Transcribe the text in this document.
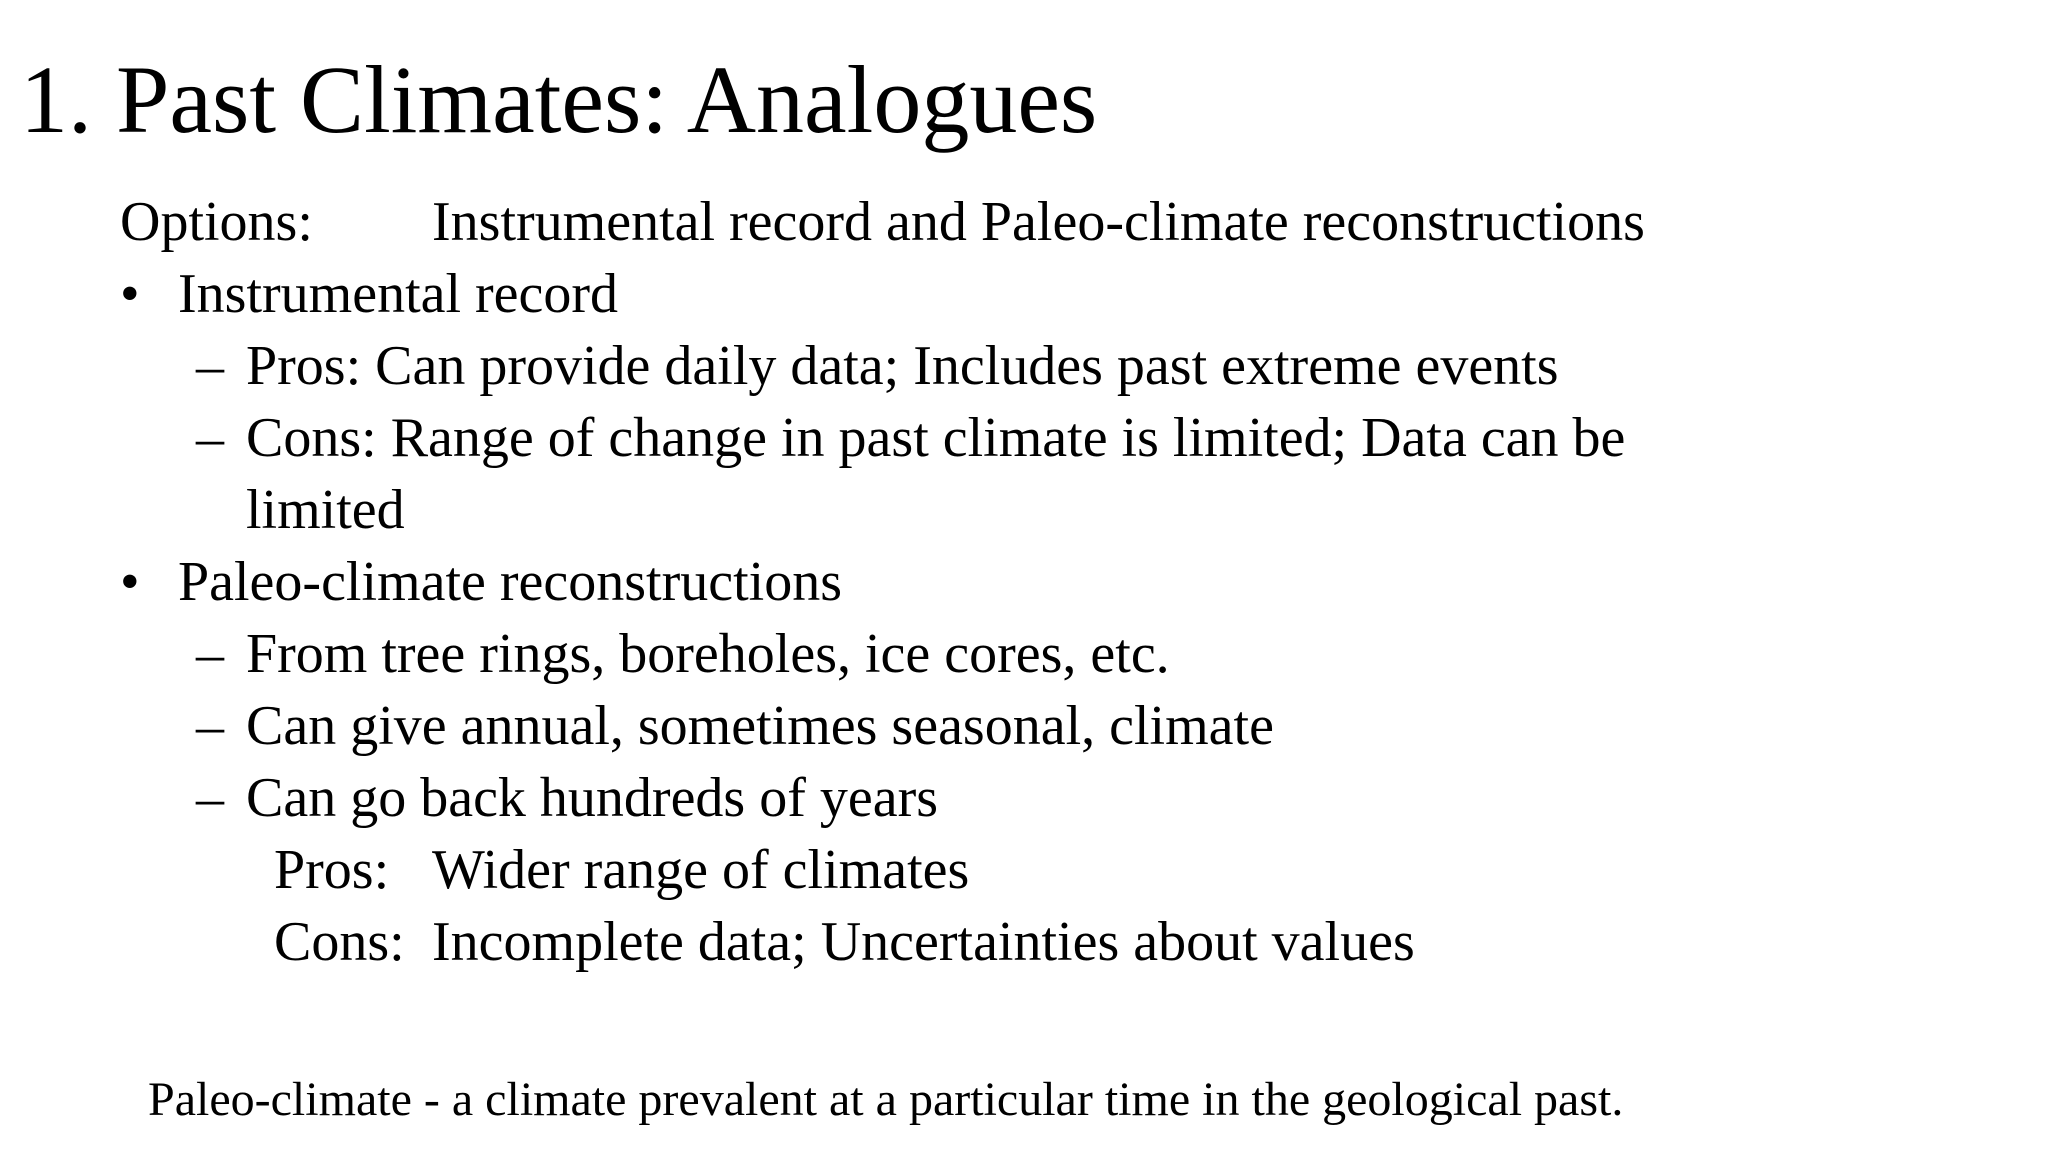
1. Past Climates: Analogues
Options: Instrumental record and Paleo-climate reconstructions
• Instrumental record
– Pros: Can provide daily data; Includes past extreme events
– Cons: Range of change in past climate is limited; Data can be
limited
• Paleo-climate reconstructions
– From tree rings, boreholes, ice cores, etc.
– Can give annual, sometimes seasonal, climate
– Can go back hundreds of years
Pros: Wider range of climates
Cons: Incomplete data; Uncertainties about values
Paleo-climate - a climate prevalent at a particular time in the geological past.
